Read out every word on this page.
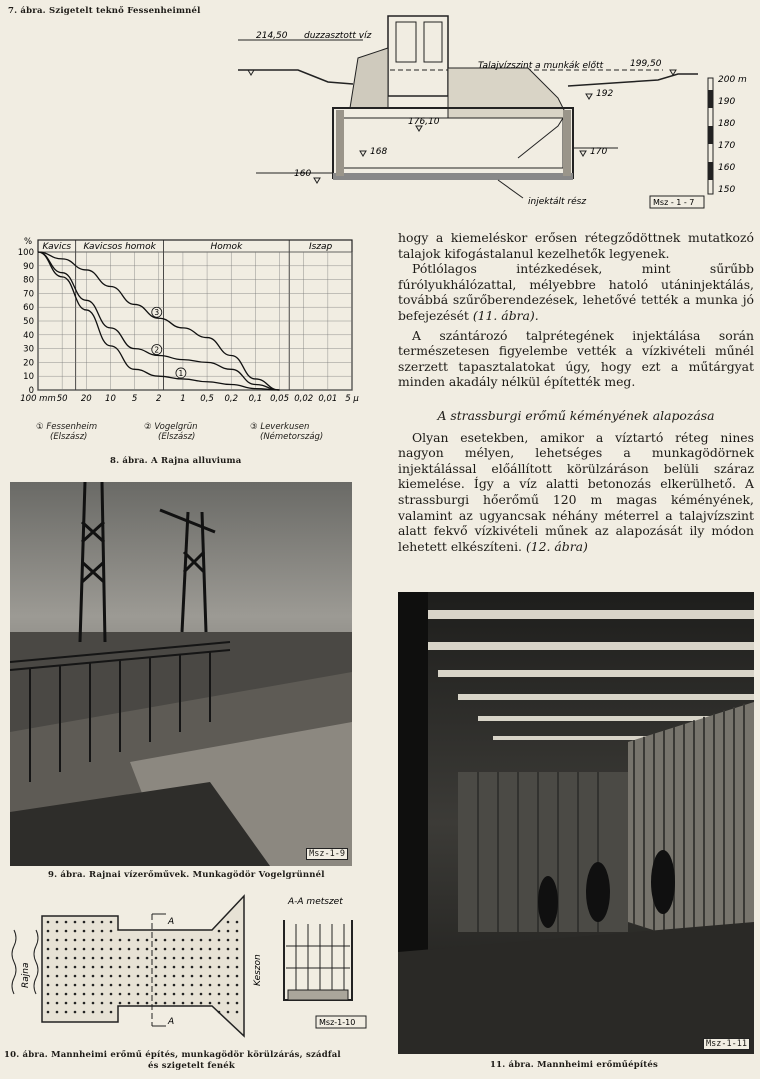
7. ábra. Szigetelt teknő Fessenheimnél
214,50 duzzasztott víz
Talajvízszint a munkák előtt	199,50
192
176,10
168	170
160
injektált rész
200 m
190
180
170
160
150
Msz - 1 - 7
Kavics Kavicsos homok	Homok	Iszap
100
90
80
70
60
50
40
30
20
10
0
%
100 mm 50 20 10 5 2 1 0,5 0,2 0,1 0,05 0,02 0,01 5 μ
1
2
3
① Fessenheim
(Elszász)
② Vogelgrün
(Elszász)
③ Leverkusen
(Németország)
8. ábra. A Rajna alluviuma
Msz-1-9
9. ábra. Rajnai vízerőművek. Munkagödör Vogelgrünnél
Rajna
A
A
Keszon
A-A metszet
Msz-1-10
10. ábra. Mannheimi erőmű építés, munkagödör körülzárás, szádfal
és szigetelt fenék

hogy a kiemeléskor erősen rétegződöttnek mutatkozó talajok kifogástalanul kezelhetők legyenek.

Pótlólagos intézkedések, mint sűrűbb fúrólyukhálózattal, mélyebbre hatoló utáninjektálás, továbbá szűrőberendezések, lehetővé tették a munka jó befejezését (11. ábra).

A szántározó talprétegének injektálása során természetesen figyelembe vették a vízkivételi műnél szerzett tapasztalatokat úgy, hogy ezt a műtárgyat minden akadály nélkül építették meg.

A strassburgi erőmű kéményének alapozása

Olyan esetekben, amikor a víztartó réteg nines nagyon mélyen, lehetséges a munkagödörnek injektálással előállított körülzáráson belüli száraz kiemelése. Így a víz alatti betonozás elkerülhető. A strassburgi hőerőmű 120 m magas kéményének, valamint az ugyancsak néhány méterrel a talajvízszint alatt fekvő vízkivételi műnek az alapozását ily módon lehetett elkészíteni. (12. ábra)

Msz-1-11
11. ábra. Mannheimi erőműépítés
